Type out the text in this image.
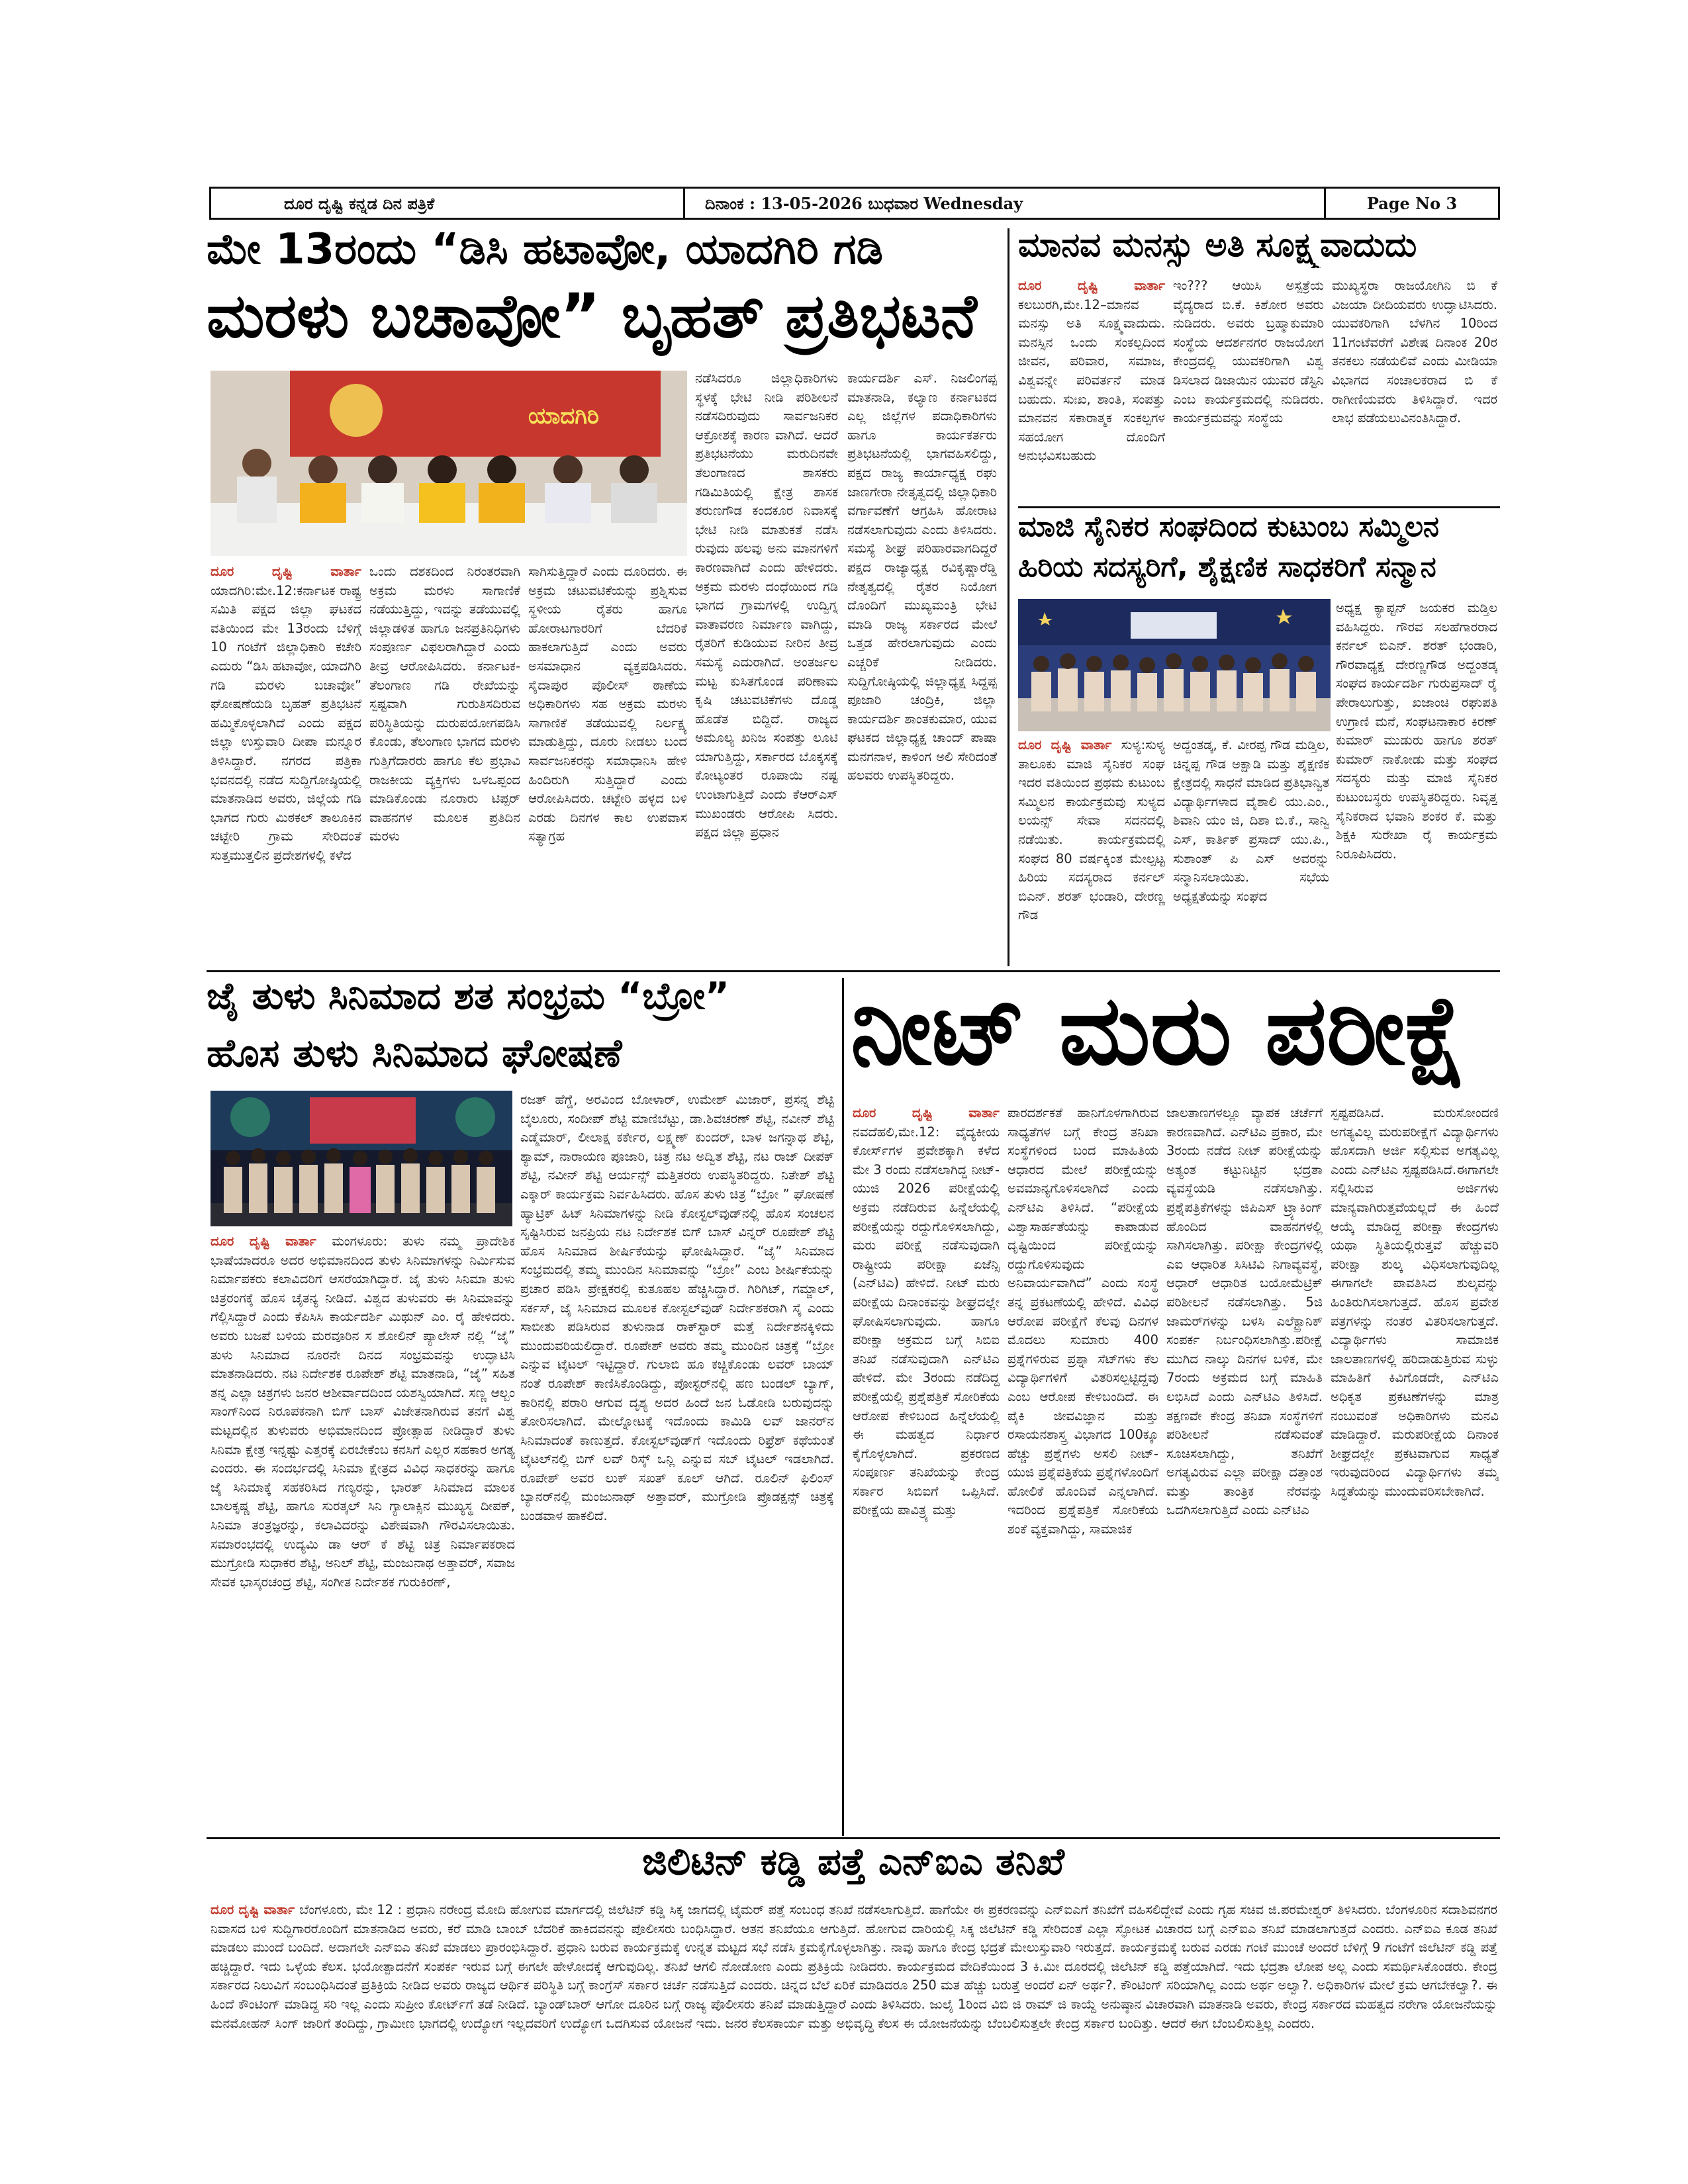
ದೂರ ದೃಷ್ಟಿ ಕನ್ನಡ ದಿನ ಪತ್ರಿಕೆ	ದಿನಾಂಕ : 13-05-2026 ಬುಧವಾರ Wednesday	Page No 3
ಮೇ 13ರಂದು “ಡಿಸಿ ಹಟಾವೋ, ಯಾದಗಿರಿ ಗಡಿ
ಮರಳು ಬಚಾವೋ” ಬೃಹತ್ ಪ್ರತಿಭಟನೆ
ಯಾದಗಿರಿ
ನಡೆಸಿದರೂ ಜಿಲ್ಲಾಧಿಕಾರಿಗಳು ಸ್ಥಳಕ್ಕೆ ಭೇಟಿ ನೀಡಿ ಪರಿಶೀಲನೆ ನಡೆಸದಿರುವುದು ಸಾರ್ವಜನಿಕರ ಆಕ್ರೋಶಕ್ಕೆ ಕಾರಣ ವಾಗಿದೆ. ಆದರೆ ಪ್ರತಿಭಟನೆಯು ಮರುದಿನವೇ ತೆಲಂಗಾಣದ ಶಾಸಕರು ಗಡಿಮಿತಿಯಲ್ಲಿ ಕ್ಷೇತ್ರ ಶಾಸಕ ತರುಣಗೌಡ ಕಂದಕೂರ ನಿವಾಸಕ್ಕೆ ಭೇಟಿ ನೀಡಿ ಮಾತುಕತೆ ನಡೆಸಿ ರುವುದು ಹಲವು ಅನು ಮಾನಗಳಿಗೆ ಕಾರಣವಾಗಿದೆ ಎಂದು ಹೇಳಿದರು. ಅಕ್ರಮ ಮರಳು ದಂಧೆಯಿಂದ ಗಡಿ ಭಾಗದ ಗ್ರಾಮಗಳಲ್ಲಿ ಉದ್ವಿಗ್ನ ವಾತಾವರಣ ನಿರ್ಮಾಣ ವಾಗಿದ್ದು, ರೈತರಿಗೆ ಕುಡಿಯುವ ನೀರಿನ ತೀವ್ರ ಸಮಸ್ಯೆ ಎದುರಾಗಿದೆ. ಅಂತರ್ಜಲ ಮಟ್ಟ ಕುಸಿತಗೊಂಡ ಪರಿಣಾಮ ಕೃಷಿ ಚಟುವಟಿಕೆಗಳು ದೊಡ್ಡ ಹೊಡೆತ ಬಿದ್ದಿದೆ. ರಾಜ್ಯದ ಅಮೂಲ್ಯ ಖನಿಜ ಸಂಪತ್ತು ಲೂಟಿ ಯಾಗುತ್ತಿದ್ದು, ಸರ್ಕಾರದ ಬೊಕ್ಕಸಕ್ಕೆ ಕೋಟ್ಯಂತರ ರೂಪಾಯಿ ನಷ್ಟ ಉಂಟಾಗುತ್ತಿದೆ ಎಂದು ಕೆಆರ್‌ಎಸ್ ಮುಖಂಡರು ಆರೋಪಿ ಸಿದರು. ಪಕ್ಷದ ಜಿಲ್ಲಾ ಪ್ರಧಾನ
ಕಾರ್ಯದರ್ಶಿ ಎಸ್. ನಿಜಲಿಂಗಪ್ಪ ಮಾತನಾಡಿ, ಕಲ್ಯಾಣ ಕರ್ನಾಟಕದ ಎಲ್ಲ ಜಿಲ್ಲೆಗಳ ಪದಾಧಿಕಾರಿಗಳು ಹಾಗೂ ಕಾರ್ಯಕರ್ತರು ಪ್ರತಿಭಟನೆಯಲ್ಲಿ ಭಾಗವಹಿಸಲಿದ್ದು, ಪಕ್ಷದ ರಾಜ್ಯ ಕಾರ್ಯಾಧ್ಯಕ್ಷ ರಘು ಜಾಣಗೇರಾ ನೇತೃತ್ವದಲ್ಲಿ ಜಿಲ್ಲಾಧಿಕಾರಿ ವರ್ಗಾವಣೆಗೆ ಆಗ್ರಹಿಸಿ ಹೋರಾಟ ನಡೆಸಲಾಗುವುದು ಎಂದು ತಿಳಿಸಿದರು. ಸಮಸ್ಯೆ ಶೀಘ್ರ ಪರಿಹಾರವಾಗದಿದ್ದರೆ ಪಕ್ಷದ ರಾಜ್ಯಾಧ್ಯಕ್ಷ ರವಿಕೃಷ್ಣಾರೆಡ್ಡಿ ನೇತೃತ್ವದಲ್ಲಿ ರೈತರ ನಿಯೋಗ ದೊಂದಿಗೆ ಮುಖ್ಯಮಂತ್ರಿ ಭೇಟಿ ಮಾಡಿ ರಾಜ್ಯ ಸರ್ಕಾರದ ಮೇಲೆ ಒತ್ತಡ ಹೇರಲಾಗುವುದು ಎಂದು ಎಚ್ಚರಿಕೆ ನೀಡಿದರು. ಸುದ್ದಿಗೋಷ್ಠಿಯಲ್ಲಿ ಜಿಲ್ಲಾಧ್ಯಕ್ಷ ಸಿದ್ದಪ್ಪ ಪೂಜಾರಿ ಚಂದ್ರಿಕಿ, ಜಿಲ್ಲಾ ಕಾರ್ಯದರ್ಶಿ ಶಾಂತಕುಮಾರ, ಯುವ ಘಟಕದ ಜಿಲ್ಲಾಧ್ಯಕ್ಷ ಚಾಂದ್ ಪಾಷಾ ಮನಗನಾಳ, ಕಾಳಿಂಗ ಅಲಿ ಸೇರಿದಂತೆ ಹಲವರು ಉಪಸ್ಥಿತರಿದ್ದರು.
ದೂರ ದೃಷ್ಟಿ ವಾರ್ತಾ ಯಾದಗಿರಿ:ಮೇ.12:ಕರ್ನಾಟಕ ರಾಷ್ಟ್ರ ಸಮಿತಿ ಪಕ್ಷದ ಜಿಲ್ಲಾ ಘಟಕದ ವತಿಯಿಂದ ಮೇ 13ರಂದು ಬೆಳಿಗ್ಗೆ 10 ಗಂಟೆಗೆ ಜಿಲ್ಲಾಧಿಕಾರಿ ಕಚೇರಿ ಎದುರು “ಡಿಸಿ ಹಟಾವೋ, ಯಾದಗಿರಿ ಗಡಿ ಮರಳು ಬಚಾವೋ” ಘೋಷಣೆಯಡಿ ಬೃಹತ್ ಪ್ರತಿಭಟನೆ ಹಮ್ಮಿಕೊಳ್ಳಲಾಗಿದೆ ಎಂದು ಪಕ್ಷದ ಜಿಲ್ಲಾ ಉಸ್ತುವಾರಿ ದೀಪಾ ಮನ್ನೂರ ತಿಳಿಸಿದ್ದಾರೆ. ನಗರದ ಪತ್ರಿಕಾ ಭವನದಲ್ಲಿ ನಡೆದ ಸುದ್ದಿಗೋಷ್ಠಿಯಲ್ಲಿ ಮಾತನಾಡಿದ ಅವರು, ಜಿಲ್ಲೆಯ ಗಡಿ ಭಾಗದ ಗುರು ಮಿಠಕಲ್ ತಾಲೂಕಿನ ಚಟ್ಟೇರಿ ಗ್ರಾಮ ಸೇರಿದಂತೆ ಸುತ್ತಮುತ್ತಲಿನ ಪ್ರದೇಶಗಳಲ್ಲಿ ಕಳೆದ
ಒಂದು ದಶಕದಿಂದ ನಿರಂತರವಾಗಿ ಅಕ್ರಮ ಮರಳು ಸಾಗಾಣಿಕೆ ನಡೆಯುತ್ತಿದ್ದು, ಇದನ್ನು ತಡೆಯುವಲ್ಲಿ ಜಿಲ್ಲಾಡಳಿತ ಹಾಗೂ ಜನಪ್ರತಿನಿಧಿಗಳು ಸಂಪೂರ್ಣ ವಿಫಲರಾಗಿದ್ದಾರೆ ಎಂದು ತೀವ್ರ ಆರೋಪಿಸಿದರು. ಕರ್ನಾಟಕ-ತೆಲಂಗಾಣ ಗಡಿ ರೇಖೆಯನ್ನು ಸ್ಪಷ್ಟವಾಗಿ ಗುರುತಿಸದಿರುವ ಪರಿಸ್ಥಿತಿಯನ್ನು ದುರುಪಯೋಗಪಡಿಸಿ ಕೊಂಡು, ತೆಲಂಗಾಣ ಭಾಗದ ಮರಳು ಗುತ್ತಿಗೆದಾರರು ಹಾಗೂ ಕೆಲ ಪ್ರಭಾವಿ ರಾಜಕೀಯ ವ್ಯಕ್ತಿಗಳು ಒಳಒಪ್ಪಂದ ಮಾಡಿಕೊಂಡು ನೂರಾರು ಟಿಪ್ಪರ್ ವಾಹನಗಳ ಮೂಲಕ ಪ್ರತಿದಿನ ಮರಳು
ಸಾಗಿಸುತ್ತಿದ್ದಾರೆ ಎಂದು ದೂರಿದರು. ಈ ಅಕ್ರಮ ಚಟುವಟಿಕೆಯನ್ನು ಪ್ರಶ್ನಿಸುವ ಸ್ಥಳೀಯ ರೈತರು ಹಾಗೂ ಹೋರಾಟಗಾರರಿಗೆ ಬೆದರಿಕೆ ಹಾಕಲಾಗುತ್ತಿದೆ ಎಂದು ಅವರು ಅಸಮಾಧಾನ ವ್ಯಕ್ತಪಡಿಸಿದರು. ಸೈದಾಪುರ ಪೊಲೀಸ್ ಠಾಣೆಯ ಅಧಿಕಾರಿಗಳು ಸಹ ಅಕ್ರಮ ಮರಳು ಸಾಗಾಣಿಕೆ ತಡೆಯುವಲ್ಲಿ ನಿರ್ಲಕ್ಷ್ಯ ಮಾಡುತ್ತಿದ್ದು, ದೂರು ನೀಡಲು ಬಂದ ಸಾರ್ವಜನಿಕರನ್ನು ಸಮಾಧಾನಿಸಿ ಹೇಳಿ ಹಿಂದಿರುಗಿ ಸುತ್ತಿದ್ದಾರೆ ಎಂದು ಆರೋಪಿಸಿದರು. ಚಟ್ಟೇರಿ ಹಳ್ಳದ ಬಳಿ ಎರಡು ದಿನಗಳ ಕಾಲ ಉಪವಾಸ ಸತ್ಯಾಗ್ರಹ
ಮಾನವ ಮನಸ್ಸು ಅತಿ ಸೂಕ್ಷ್ಮವಾದುದು
ದೂರ ದೃಷ್ಟಿ ವಾರ್ತಾ ಕಲಬುರಗಿ,ಮೇ.12–ಮಾನವ ಮನಸ್ಸು ಅತಿ ಸೂಕ್ಷ್ಮವಾದುದು. ಮನಸ್ಸಿನ ಒಂದು ಸಂಕಲ್ಪದಿಂದ ಜೀವನ, ಪರಿವಾರ, ಸಮಾಜ, ವಿಶ್ವವನ್ನೇ ಪರಿವರ್ತನೆ ಮಾಡ ಬಹುದು. ಸುಃಖ, ಶಾಂತಿ, ಸಂಪತ್ತು ಮಾನವನ ಸಕಾರಾತ್ಮಕ ಸಂಕಲ್ಪಗಳ ಸಹಯೋಗ ದೊಂದಿಗೆ ಅನುಭವಿಸಬಹುದು
ಇಂ??? ಆಯಿಸಿ ಅಸ್ಪತ್ರೆಯ ವೈದ್ಯರಾದ ಬಿ.ಕೆ. ಕಿಶೋರ ಅವರು ನುಡಿದರು. ಅವರು ಬ್ರಹ್ಮಾಕುಮಾರಿ ಸಂಸ್ಥೆಯ ಆದರ್ಶನಗರ ರಾಜಯೋಗ ಕೇಂದ್ರದಲ್ಲಿ ಯುವಕರಿಗಾಗಿ ವಿಶ್ವ ಡಿಸಲಾದ ಡಿಜಾಯಿನ ಯುವರ ಡೆಸ್ಟಿನಿ ಎಂಬ ಕಾರ್ಯಕ್ರಮದಲ್ಲಿ ನುಡಿದರು. ಕಾರ್ಯಕ್ರಮವನ್ನು ಸಂಸ್ಥೆಯ
ಮುಖ್ಯಸ್ಥರಾ ರಾಜಯೋಗಿನಿ ಬಿ ಕೆ ವಿಜಯಾ ದೀದಿಯವರು ಉದ್ಘಾಟಿಸಿದರು. ಯುವಕರಿಗಾಗಿ ಬೆಳಗಿನ 10ರಿಂದ 11ಗಂಟೆವರೆಗೆ ವಿಶೇಷ ದಿನಾಂಕ 20ರ ತನಕಲು ನಡೆಯಲಿವೆ ಎಂದು ಮೀಡಿಯಾ ವಿಭಾಗದ ಸಂಚಾಲಕರಾದ ಬಿ ಕೆ ರಾಗೀಣಿಯವರು ತಿಳಿಸಿದ್ದಾರೆ. ಇದರ ಲಾಭ ಪಡೆಯಲುವಿನಂತಿಸಿದ್ದಾರೆ.
ಮಾಜಿ ಸೈನಿಕರ ಸಂಘದಿಂದ ಕುಟುಂಬ ಸಮ್ಮಿಲನ
ಹಿರಿಯ ಸದಸ್ಯರಿಗೆ, ಶೈಕ್ಷಣಿಕ ಸಾಧಕರಿಗೆ ಸನ್ಮಾನ
ಅಧ್ಯಕ್ಷ ಕ್ಯಾಪ್ಟನ್ ಜಯಕರ ಮಡ್ತಿಲ ವಹಿಸಿದ್ದರು. ಗೌರವ ಸಲಹೆಗಾರರಾದ ಕರ್ನಲ್ ಬಿಎನ್. ಶರತ್ ಭಂಡಾರಿ, ಗೌರವಾಧ್ಯಕ್ಷ ದೇರಣ್ಣಗೌಡ ಅದ್ದಂತಡ್ಕ ಸಂಘದ ಕಾರ್ಯದರ್ಶಿ ಗುರುಪ್ರಸಾದ್ ರೈ ಪೇರಾಲುಗುತ್ತು, ಖಜಾಂಚಿ ರಘುಪತಿ ಉಗ್ರಾಣಿ ಮನೆ, ಸಂಘಟನಾಕಾರ ಕಿರಣ್ ಕುಮಾರ್ ಮುಡುರು ಹಾಗೂ ಶರತ್ ಕುಮಾರ್ ನಾಕೋಡು ಮತ್ತು ಸಂಘದ ಸದಸ್ಯರು ಮತ್ತು ಮಾಜಿ ಸೈನಿಕರ ಕುಟುಂಬಸ್ಥರು ಉಪಸ್ಥಿತರಿದ್ದರು. ನಿವೃತ್ತ ಸೈನಿಕರಾದ ಭವಾನಿ ಶಂಕರ ಕೆ. ಮತ್ತು ಶಿಕ್ಷಕಿ ಸುರೇಖಾ ರೈ ಕಾರ್ಯಕ್ರಮ ನಿರೂಪಿಸಿದರು.
ದೂರ ದೃಷ್ಟಿ ವಾರ್ತಾ ಸುಳ್ಯ:ಸುಳ್ಯ ತಾಲೂಕು ಮಾಜಿ ಸೈನಿಕರ ಸಂಘ ಇದರ ವತಿಯಿಂದ ಪ್ರಥಮ ಕುಟುಂಬ ಸಮ್ಮಿಲನ ಕಾರ್ಯಕ್ರಮವು ಸುಳ್ಯದ ಲಯನ್ಸ್ ಸೇವಾ ಸದನದಲ್ಲಿ ನಡೆಯಿತು. ಕಾರ್ಯಕ್ರಮದಲ್ಲಿ ಸಂಘದ 80 ವರ್ಷಕ್ಕಿಂತ ಮೇಲ್ಪಟ್ಟ ಹಿರಿಯ ಸದಸ್ಯರಾದ ಕರ್ನಲ್ ಬಿಎನ್. ಶರತ್ ಭಂಡಾರಿ, ದೇರಣ್ಣ ಗೌಡ
ಅದ್ದಂತಡ್ಕ, ಕೆ. ವೀರಪ್ಪ ಗೌಡ ಮಡ್ತಿಲ, ಚಿನ್ನಪ್ಪ ಗೌಡ ಅಕ್ಷಾಡಿ ಮತ್ತು ಶೈಕ್ಷಣಿಕ ಕ್ಷೇತ್ರದಲ್ಲಿ ಸಾಧನೆ ಮಾಡಿದ ಪ್ರತಿಭಾನ್ವಿತ ವಿದ್ಯಾರ್ಥಿಗಳಾದ ವೈಶಾಲಿ ಯು.ಎಂ., ಶಿವಾನಿ ಯಂ ಜಿ, ದಿಶಾ ಬಿ.ಕೆ., ಸಾನ್ವಿ ಎಸ್, ಕಾರ್ತಿಕ್ ಪ್ರಸಾದ್ ಯು.ಪಿ., ಸುಶಾಂತ್ ಪಿ ಎಸ್ ಅವರನ್ನು ಸನ್ಮಾನಿಸಲಾಯಿತು. ಸಭೆಯ ಅಧ್ಯಕ್ಷತೆಯನ್ನು ಸಂಘದ
ಜೈ ತುಳು ಸಿನಿಮಾದ ಶತ ಸಂಭ್ರಮ “ಬ್ರೋ”
ಹೊಸ ತುಳು ಸಿನಿಮಾದ ಘೋಷಣೆ
ದೂರ ದೃಷ್ಟಿ ವಾರ್ತಾ ಮಂಗಳೂರು: ತುಳು ನಮ್ಮ ಪ್ರಾದೇಶಿಕ ಭಾಷೆಯಾದರೂ ಅದರ ಅಭಿಮಾನದಿಂದ ತುಳು ಸಿನಿಮಾಗಳನ್ನು ನಿರ್ಮಿಸುವ ನಿರ್ಮಾಪಕರು ಕಲಾವಿದರಿಗೆ ಆಸರೆಯಾಗಿದ್ದಾರೆ. ಜೈ ತುಳು ಸಿನಿಮಾ ತುಳು ಚಿತ್ರರಂಗಕ್ಕೆ ಹೊಸ ಚೈತನ್ಯ ನೀಡಿದೆ. ವಿಶ್ವದ ತುಳುವರು ಈ ಸಿನಿಮಾವನ್ನು ಗೆಲ್ಲಿಸಿದ್ದಾರೆ ಎಂದು ಕೆಪಿಸಿಸಿ ಕಾರ್ಯದರ್ಶಿ ಮಿಥುನ್ ಎಂ. ರೈ ಹೇಳಿದರು. ಅವರು ಬಜಪೆ ಬಳಿಯ ಮರವೂರಿನ ಸ ಶೋಲಿನ್ ಪ್ಯಾಲೇಸ್ ನಲ್ಲಿ “ಜೈ” ತುಳು ಸಿನಿಮಾದ ನೂರನೇ ದಿನದ ಸಂಭ್ರಮವನ್ನು ಉದ್ಘಾಟಿಸಿ ಮಾತನಾಡಿದರು. ನಟ ನಿರ್ದೇಶಕ ರೂಪೇಶ್ ಶೆಟ್ಟಿ ಮಾತನಾಡಿ, “ಜೈ” ಸಹಿತ ತನ್ನ ಎಲ್ಲಾ ಚಿತ್ರಗಳು ಜನರ ಆಶೀರ್ವಾದದಿಂದ ಯಶಸ್ವಿಯಾಗಿದೆ. ಸಣ್ಣ ಆಲ್ಬಂ ಸಾಂಗ್‌ನಿಂದ ನಿರೂಪಕನಾಗಿ ಬಿಗ್ ಬಾಸ್ ವಿಜೇತನಾಗಿರುವ ತನಗೆ ವಿಶ್ವ ಮಟ್ಟದಲ್ಲಿನ ತುಳುವರು ಅಭಿಮಾನದಿಂದ ಪ್ರೋತ್ಸಾಹ ನೀಡಿದ್ದಾರೆ ತುಳು ಸಿನಿಮಾ ಕ್ಷೇತ್ರ ಇನ್ನಷ್ಟು ಎತ್ತರಕ್ಕೆ ಏರಬೇಕೆಂಬ ಕನಸಿಗೆ ಎಲ್ಲರ ಸಹಕಾರ ಅಗತ್ಯ ಎಂದರು. ಈ ಸಂದರ್ಭದಲ್ಲಿ ಸಿನಿಮಾ ಕ್ಷೇತ್ರದ ವಿವಿಧ ಸಾಧಕರನ್ನು ಹಾಗೂ ಜೈ ಸಿನಿಮಾಕ್ಕೆ ಸಹಕರಿಸಿದ ಗಣ್ಯರನ್ನು, ಭಾರತ್ ಸಿನಿಮಾದ ಮಾಲಕ ಬಾಲಕೃಷ್ಣ ಶೆಟ್ಟಿ, ಹಾಗೂ ಸುರತ್ಕಲ್ ಸಿನಿ ಗ್ಯಾಲಾಕ್ಸಿನ ಮುಖ್ಯಸ್ಥ ದೀಪಕ್, ಸಿನಿಮಾ ತಂತ್ರಜ್ಞರನ್ನು, ಕಲಾವಿದರನ್ನು ವಿಶೇಷವಾಗಿ ಗೌರವಿಸಲಾಯಿತು. ಸಮಾರಂಭದಲ್ಲಿ ಉದ್ಯಮಿ ಡಾ ಆರ್ ಕೆ ಶೆಟ್ಟಿ ಚಿತ್ರ ನಿರ್ಮಾಪಕರಾದ ಮುಗ್ರೋಡಿ ಸುಧಾಕರ ಶೆಟ್ಟಿ, ಅನಿಲ್ ಶೆಟ್ಟಿ, ಮಂಜುನಾಥ ಅತ್ತಾವರ್, ಸವಾಜ ಸೇವಕ ಭಾಸ್ಕರಚಂದ್ರ ಶೆಟ್ಟಿ, ಸಂಗೀತ ನಿರ್ದೇಶಕ ಗುರುಕಿರಣ್,
ರಜತ್ ಹೆಗ್ಡೆ, ಅರವಿಂದ ಬೋಳಾರ್, ಉಮೇಶ್ ಮಿಜಾರ್, ಪ್ರಸನ್ನ ಶೆಟ್ಟಿ ಬೈಲೂರು, ಸಂದೀಪ್ ಶೆಟ್ಟಿ ಮಾಣಿಬೆಟ್ಟು, ಡಾ.ಶಿವಚರಣ್ ಶೆಟ್ಟಿ, ನವೀನ್ ಶೆಟ್ಟಿ ಎಡ್ಮೆಮಾರ್, ಲೀಲಾಕ್ಷ ಕರ್ಕೇರ, ಲಕ್ಷ್ಮಣ್ ಕುಂದರ್, ಬಾಳ ಜಗನ್ನಾಥ ಶೆಟ್ಟಿ, ಶ್ಯಾಮ್, ನಾರಾಯಣ ಪೂಜಾರಿ, ಚಿತ್ರ ನಟ ಅದ್ವಿತ ಶೆಟ್ಟಿ, ನಟ ರಾಜ್ ದೀಪಕ್ ಶೆಟ್ಟಿ, ನವೀನ್ ಶೆಟ್ಟಿ ಆರ್ಯನ್ಸ್ ಮತ್ತಿತರರು ಉಪಸ್ಥಿತರಿದ್ದರು. ನಿತೇಶ್ ಶೆಟ್ಟಿ ಎಕ್ಕಾರ್ ಕಾರ್ಯಕ್ರಮ ನಿರ್ವಹಿಸಿದರು. ಹೊಸ ತುಳು ಚಿತ್ರ “ಬ್ರೋ ” ಘೋಷಣೆ ಹ್ಯಾಟ್ರಿಕ್ ಹಿಟ್ ಸಿನಿಮಾಗಳನ್ನು ನೀಡಿ ಕೋಸ್ಟಲ್‌ವುಡ್‌ನಲ್ಲಿ ಹೊಸ ಸಂಚಲನ ಸೃಷ್ಟಿಸಿರುವ ಜನಪ್ರಿಯ ನಟ ನಿರ್ದೇಶಕ ಬಿಗ್ ಬಾಸ್ ವಿನ್ನರ್ ರೂಪೇಶ್ ಶೆಟ್ಟಿ ಹೊಸ ಸಿನಿಮಾದ ಶೀರ್ಷಿಕೆಯನ್ನು ಘೋಷಿಸಿದ್ದಾರೆ. “ಜೈ” ಸಿನಿಮಾದ ಸಂಭ್ರಮದಲ್ಲಿ ತಮ್ಮ ಮುಂದಿನ ಸಿನಿಮಾವನ್ನು “ಬ್ರೋ” ಎಂಬ ಶೀರ್ಷಿಕೆಯನ್ನು ಪ್ರಚಾರ ಪಡಿಸಿ ಪ್ರೇಕ್ಷಕರಲ್ಲಿ ಕುತೂಹಲ ಹೆಚ್ಚಿಸಿದ್ದಾರೆ. ಗಿರಿಗಿಟ್, ಗಮ್ಜಾಲ್, ಸರ್ಕಸ್, ಜೈ ಸಿನಿಮಾದ ಮೂಲಕ ಕೋಸ್ಟಲ್‌ವುಡ್ ನಿರ್ದೇಶಕರಾಗಿ ಸೈ ಎಂದು ಸಾಬೀತು ಪಡಿಸಿರುವ ತುಳುನಾಡ ರಾಕ್‌ಸ್ಟಾರ್ ಮತ್ತೆ ನಿರ್ದೇಶನಕ್ಕಿಳಿದು ಮುಂದುವರಿಯಲಿದ್ದಾರೆ. ರೂಪೇಶ್ ಅವರು ತಮ್ಮ ಮುಂದಿನ ಚಿತ್ರಕ್ಕೆ “ಬ್ರೋ ಎನ್ನುವ ಟೈಟಲ್ ಇಟ್ಟಿದ್ದಾರೆ. ಗುಲಾಬಿ ಹೂ ಕಚ್ಚಿಕೊಂಡು ಲವರ್ ಬಾಯ್ ನಂತೆ ರೂಪೇಶ್ ಕಾಣಿಸಿಕೊಂಡಿದ್ದು, ಪೋಸ್ಟರ್‌ನಲ್ಲಿ ಹಣ ಬಂಡಲ್ ಬ್ಯಾಗ್, ಕಾರಿನಲ್ಲಿ ಪರಾರಿ ಆಗುವ ದೃಶ್ಯ ಅದರ ಹಿಂದೆ ಜನ ಓಡೋಡಿ ಬರುವುದನ್ನು ತೋರಿಸಲಾಗಿದೆ. ಮೇಲ್ನೋಟಕ್ಕೆ ಇದೊಂದು ಕಾಮಿಡಿ ಲವ್ ಜಾನರ್‌ನ ಸಿನಿಮಾದಂತೆ ಕಾಣುತ್ತದೆ. ಕೋಸ್ಟಲ್‌ವುಡ್‌ಗೆ ಇದೊಂದು ರಿಫ್ರೆಶ್ ಕಥೆಯಂತೆ ಟೈಟಲ್‌ನಲ್ಲಿ ಬಿಗ್ ಲವ್ ರಿಸ್ಕ್ ಒನ್ಲಿ ಎನ್ನುವ ಸಬ್ ಟೈಟಲ್ ಇಡಲಾಗಿದೆ. ರೂಪೇಶ್ ಅವರ ಲುಕ್ ಸಖತ್ ಕೂಲ್ ಆಗಿದೆ. ರೂಲಿನ್ ಫಿಲಿಂಸ್ ಬ್ಯಾನರ್‌ನಲ್ಲಿ ಮಂಜುನಾಥ್ ಅತ್ತಾವರ್, ಮುಗ್ರೋಡಿ ಪ್ರೊಡಕ್ಷನ್ಸ್ ಚಿತ್ರಕ್ಕೆ ಬಂಡವಾಳ ಹಾಕಲಿದೆ.
ನೀಟ್ ಮರು ಪರೀಕ್ಷೆ
ದೂರ ದೃಷ್ಟಿ ವಾರ್ತಾ ನವದೆಹಲಿ,ಮೇ.12: ವೈದ್ಯಕೀಯ ಕೋರ್ಸ್‌ಗಳ ಪ್ರವೇಶಕ್ಕಾಗಿ ಕಳೆದ ಮೇ 3 ರಂದು ನಡೆಸಲಾಗಿದ್ದ ನೀಟ್-ಯುಜಿ 2026 ಪರೀಕ್ಷೆಯಲ್ಲಿ ಅಕ್ರಮ ನಡೆದಿರುವ ಹಿನ್ನೆಲೆಯಲ್ಲಿ ಪರೀಕ್ಷೆಯನ್ನು ರದ್ದುಗೊಳಿಸಲಾಗಿದ್ದು, ಮರು ಪರೀಕ್ಷೆ ನಡೆಸುವುದಾಗಿ ರಾಷ್ಟ್ರೀಯ ಪರೀಕ್ಷಾ ಏಜೆನ್ಸಿ (ಎನ್‌ಟಿಎ) ಹೇಳಿದೆ. ನೀಟ್ ಮರು ಪರೀಕ್ಷೆಯ ದಿನಾಂಕವನ್ನು ಶೀಘ್ರದಲ್ಲೇ ಘೋಷಿಸಲಾಗುವುದು. ಹಾಗೂ ಪರೀಕ್ಷಾ ಅಕ್ರಮದ ಬಗ್ಗೆ ಸಿಬಿಐ ತನಿಖೆ ನಡೆಸುವುದಾಗಿ ಎನ್‌ಟಿಎ ಹೇಳಿದೆ. ಮೇ 3ರಂದು ನಡೆದಿದ್ದ ಪರೀಕ್ಷೆಯಲ್ಲಿ ಪ್ರಶ್ನೆಪತ್ರಿಕೆ ಸೋರಿಕೆಯ ಆರೋಪ ಕೇಳಿಬಂದ ಹಿನ್ನೆಲೆಯಲ್ಲಿ ಈ ಮಹತ್ವದ ನಿರ್ಧಾರ ಕೈಗೊಳ್ಳಲಾಗಿದೆ. ಪ್ರಕರಣದ ಸಂಪೂರ್ಣ ತನಿಖೆಯನ್ನು ಕೇಂದ್ರ ಸರ್ಕಾರ ಸಿಬಿಐಗೆ ಒಪ್ಪಿಸಿದೆ. ಪರೀಕ್ಷೆಯ ಪಾವಿತ್ರ್ಯ ಮತ್ತು
ಪಾರದರ್ಶಕತೆ ಹಾನಿಗೊಳಗಾಗಿರುವ ಸಾಧ್ಯತೆಗಳ ಬಗ್ಗೆ ಕೇಂದ್ರ ತನಿಖಾ ಸಂಸ್ಥೆಗಳಿಂದ ಬಂದ ಮಾಹಿತಿಯ ಆಧಾರದ ಮೇಲೆ ಪರೀಕ್ಷೆಯನ್ನು ಅವಮಾನ್ಯಗೊಳಿಸಲಾಗಿದೆ ಎಂದು ಎನ್‌ಟಿಎ ತಿಳಿಸಿದೆ. “ಪರೀಕ್ಷೆಯ ವಿಶ್ವಾಸಾರ್ಹತೆಯನ್ನು ಕಾಪಾಡುವ ದೃಷ್ಟಿಯಿಂದ ಪರೀಕ್ಷೆಯನ್ನು ರದ್ದುಗೊಳಿಸುವುದು ಅನಿವಾರ್ಯವಾಗಿದೆ” ಎಂದು ಸಂಸ್ಥೆ ತನ್ನ ಪ್ರಕಟಣೆಯಲ್ಲಿ ಹೇಳಿದೆ. ವಿವಿಧ ಆರೋಪ ಪರೀಕ್ಷೆಗೆ ಕೆಲವು ದಿನಗಳ ಮೊದಲು ಸುಮಾರು 400 ಪ್ರಶ್ನೆಗಳಿರುವ ಪ್ರಶ್ನಾ ಸೆಟ್‌ಗಳು ಕೆಲ ವಿದ್ಯಾರ್ಥಿಗಳಿಗೆ ವಿತರಿಸಲ್ಪಟ್ಟಿದ್ದವು ಎಂಬ ಆರೋಪ ಕೇಳಿಬಂದಿದೆ. ಈ ಪೈಕಿ ಜೀವವಿಜ್ಞಾನ ಮತ್ತು ರಸಾಯನಶಾಸ್ತ್ರ ವಿಭಾಗದ 100ಕ್ಕೂ ಹೆಚ್ಚು ಪ್ರಶ್ನೆಗಳು ಅಸಲಿ ನೀಟ್- ಯುಜಿ ಪ್ರಶ್ನೆಪತ್ರಿಕೆಯ ಪ್ರಶ್ನೆಗಳೊಂದಿಗೆ ಹೋಲಿಕೆ ಹೊಂದಿವೆ ಎನ್ನಲಾಗಿದೆ. ಇದರಿಂದ ಪ್ರಶ್ನೆಪತ್ರಿಕೆ ಸೋರಿಕೆಯ ಶಂಕೆ ವ್ಯಕ್ತವಾಗಿದ್ದು, ಸಾಮಾಜಿಕ
ಜಾಲತಾಣಗಳಲ್ಲೂ ವ್ಯಾಪಕ ಚರ್ಚೆಗೆ ಕಾರಣವಾಗಿದೆ. ಎನ್‌ಟಿಎ ಪ್ರಕಾರ, ಮೇ 3ರಂದು ನಡೆದ ನೀಟ್ ಪರೀಕ್ಷೆಯನ್ನು ಅತ್ಯಂತ ಕಟ್ಟುನಿಟ್ಟಿನ ಭದ್ರತಾ ವ್ಯವಸ್ಥೆಯಡಿ ನಡೆಸಲಾಗಿತ್ತು. ಪ್ರಶ್ನೆಪತ್ರಿಕೆಗಳನ್ನು ಜಿಪಿಎಸ್ ಟ್ರ್ಯಾಕಿಂಗ್ ಹೊಂದಿದ ವಾಹನಗಳಲ್ಲಿ ಸಾಗಿಸಲಾಗಿತ್ತು. ಪರೀಕ್ಷಾ ಕೇಂದ್ರಗಳಲ್ಲಿ ಎಐ ಆಧಾರಿತ ಸಿಸಿಟಿವಿ ನಿಗಾವ್ಯವಸ್ಥೆ, ಆಧಾರ್ ಆಧಾರಿತ ಬಯೋಮೆಟ್ರಿಕ್ ಪರಿಶೀಲನೆ ನಡೆಸಲಾಗಿತ್ತು. 5ಜಿ ಜಾಮರ್‌ಗಳನ್ನು ಬಳಸಿ ಎಲೆಕ್ಟ್ರಾನಿಕ್ ಸಂಪರ್ಕ ನಿರ್ಬಂಧಿಸಲಾಗಿತ್ತು.ಪರೀಕ್ಷೆ ಮುಗಿದ ನಾಲ್ಕು ದಿನಗಳ ಬಳಿಕ, ಮೇ 7ರಂದು ಅಕ್ರಮದ ಬಗ್ಗೆ ಮಾಹಿತಿ ಲಭಿಸಿದೆ ಎಂದು ಎನ್‌ಟಿಎ ತಿಳಿಸಿದೆ. ತಕ್ಷಣವೇ ಕೇಂದ್ರ ತನಿಖಾ ಸಂಸ್ಥೆಗಳಿಗೆ ಪರಿಶೀಲನೆ ನಡೆಸುವಂತೆ ಸೂಚಿಸಲಾಗಿದ್ದು, ತನಿಖೆಗೆ ಅಗತ್ಯವಿರುವ ಎಲ್ಲಾ ಪರೀಕ್ಷಾ ದತ್ತಾಂಶ ಮತ್ತು ತಾಂತ್ರಿಕ ನೆರವನ್ನು ಒದಗಿಸಲಾಗುತ್ತಿದೆ ಎಂದು ಎನ್‌ಟಿಎ
ಸ್ಪಷ್ಟಪಡಿಸಿದೆ. ಮರುಸೋಂದಣಿ ಅಗತ್ಯವಿಲ್ಲ ಮರುಪರೀಕ್ಷೆಗೆ ವಿದ್ಯಾರ್ಥಿಗಳು ಹೊಸದಾಗಿ ಅರ್ಜಿ ಸಲ್ಲಿಸುವ ಅಗತ್ಯವಿಲ್ಲ ಎಂದು ಎನ್‌ಟಿಎ ಸ್ಪಷ್ಟಪಡಿಸಿದೆ.ಈಗಾಗಲೇ ಸಲ್ಲಿಸಿರುವ ಅರ್ಜಿಗಳು ಮಾನ್ಯವಾಗಿರುತ್ತವೆಯಲ್ಲದೆ ಈ ಹಿಂದೆ ಆಯ್ಕೆ ಮಾಡಿದ್ದ ಪರೀಕ್ಷಾ ಕೇಂದ್ರಗಳು ಯಥಾ ಸ್ಥಿತಿಯಲ್ಲಿರುತ್ತವೆ ಹೆಚ್ಚುವರಿ ಪರೀಕ್ಷಾ ಶುಲ್ಕ ವಿಧಿಸಲಾಗುವುದಿಲ್ಲ ಈಗಾಗಲೇ ಪಾವತಿಸಿದ ಶುಲ್ಕವನ್ನು ಹಿಂತಿರುಗಿಸಲಾಗುತ್ತದೆ. ಹೊಸ ಪ್ರವೇಶ ಪತ್ರಗಳನ್ನು ನಂತರ ವಿತರಿಸಲಾಗುತ್ತದೆ. ವಿದ್ಯಾರ್ಥಿಗಳು ಸಾಮಾಜಿಕ ಜಾಲತಾಣಗಳಲ್ಲಿ ಹರಿದಾಡುತ್ತಿರುವ ಸುಳ್ಳು ಮಾಹಿತಿಗೆ ಕಿವಿಗೊಡದೇ, ಎನ್‌ಟಿಎ ಅಧಿಕೃತ ಪ್ರಕಟಣೆಗಳನ್ನು ಮಾತ್ರ ನಂಬುವಂತೆ ಅಧಿಕಾರಿಗಳು ಮನವಿ ಮಾಡಿದ್ದಾರೆ. ಮರುಪರೀಕ್ಷೆಯ ದಿನಾಂಕ ಶೀಘ್ರದಲ್ಲೇ ಪ್ರಕಟವಾಗುವ ಸಾಧ್ಯತೆ ಇರುವುದರಿಂದ ವಿದ್ಯಾರ್ಥಿಗಳು ತಮ್ಮ ಸಿದ್ಧತೆಯನ್ನು ಮುಂದುವರಿಸಬೇಕಾಗಿದೆ.
ಜಿಲಿಟಿನ್ ಕಡ್ಡಿ ಪತ್ತೆ ಎನ್‌ಐಎ ತನಿಖೆ
ದೂರ ದೃಷ್ಟಿ ವಾರ್ತಾ ಬೆಂಗಳೂರು, ಮೇ 12 : ಪ್ರಧಾನಿ ನರೇಂದ್ರ ಮೋದಿ ಹೋಗುವ ಮಾರ್ಗದಲ್ಲಿ ಜಿಲೆಟಿನ್ ಕಡ್ಡಿ ಸಿಕ್ಕ ಜಾಗದಲ್ಲಿ ಟೈಮರ್ ಪತ್ತೆ ಸಂಬಂಧ ತನಿಖೆ ನಡೆಸಲಾಗುತ್ತಿದೆ. ಹಾಗೆಯೇ ಈ ಪ್ರಕರಣವನ್ನು ಎನ್‌ಐಎಗೆ ತನಿಖೆಗೆ ವಹಿಸಲಿದ್ದೇವೆ ಎಂದು ಗೃಹ ಸಚಿವ ಜಿ.ಪರಮೇಶ್ವರ್ ತಿಳಿಸಿದರು. ಬೆಂಗಳೂರಿನ ಸದಾಶಿವನಗರ ನಿವಾಸದ ಬಳಿ ಸುದ್ದಿಗಾರರೊಂದಿಗೆ ಮಾತನಾಡಿದ ಅವರು, ಕರೆ ಮಾಡಿ ಬಾಂಬ್ ಬೆದರಿಕೆ ಹಾಕಿದವನನ್ನು ಪೊಲೀಸರು ಬಂಧಿಸಿದ್ದಾರೆ. ಆತನ ತನಿಖೆಯೂ ಆಗುತ್ತಿದೆ. ಹೋಗುವ ದಾರಿಯಲ್ಲಿ ಸಿಕ್ಕ ಜಿಲೆಟಿನ್ ಕಡ್ಡಿ ಸೇರಿದಂತೆ ಎಲ್ಲಾ ಸ್ಫೋಟಕ ವಿಚಾರದ ಬಗ್ಗೆ ಎನ್‌ಐಎ ತನಿಖೆ ಮಾಡಲಾಗುತ್ತದೆ ಎಂದರು. ಎನ್‌ಐಎ ಕೂಡ ತನಿಖೆ ಮಾಡಲು ಮುಂದೆ ಬಂದಿದೆ. ಅದಾಗಲೇ ಎನ್‌ಐಎ ತನಿಖೆ ಮಾಡಲು ಪ್ರಾರಂಭಿಸಿದ್ದಾರೆ. ಪ್ರಧಾನಿ ಬರುವ ಕಾರ್ಯಕ್ರಮಕ್ಕೆ ಉನ್ನತ ಮಟ್ಟದ ಸಭೆ ನಡೆಸಿ ಕ್ರಮಕೈಗೊಳ್ಳಲಾಗಿತ್ತು. ನಾವು ಹಾಗೂ ಕೇಂದ್ರ ಭದ್ರತೆ ಮೇಲುಸ್ತುವಾರಿ ಇರುತ್ತದೆ. ಕಾರ್ಯಕ್ರಮಕ್ಕೆ ಬರುವ ಎರಡು ಗಂಟೆ ಮುಂಚೆ ಅಂದರೆ ಬೆಳಿಗ್ಗೆ 9 ಗಂಟೆಗೆ ಜಿಲೆಟಿನ್ ಕಡ್ಡಿ ಪತ್ತೆ ಹಚ್ಚಿದ್ದಾರೆ. ಇದು ಒಳ್ಳೆಯ ಕೆಲಸ. ಭಯೋತ್ಪಾದನೆಗೆ ಸಂಪರ್ಕ ಇರುವ ಬಗ್ಗೆ ಈಗಲೇ ಹೇಳೋದಕ್ಕೆ ಆಗುವುದಿಲ್ಲ. ತನಿಖೆ ಆಗಲಿ ನೋಡೋಣ ಎಂದು ಪ್ರತಿಕ್ರಿಯೆ ನೀಡಿದರು. ಕಾರ್ಯಕ್ರಮದ ವೇದಿಕೆಯಿಂದ 3 ಕಿ.ಮೀ ದೂರದಲ್ಲಿ ಜಿಲೆಟಿನ್ ಕಡ್ಡಿ ಪತ್ತೆಯಾಗಿದೆ. ಇದು ಭದ್ರತಾ ಲೋಪ ಅಲ್ಲ ಎಂದು ಸಮರ್ಥಿಸಿಕೊಂಡರು. ಕೇಂದ್ರ ಸರ್ಕಾರದ ನಿಲುವಿಗೆ ಸಂಬಂಧಿಸಿದಂತೆ ಪ್ರತಿಕ್ರಿಯೆ ನೀಡಿದ ಅವರು ರಾಜ್ಯದ ಆರ್ಥಿಕ ಪರಿಸ್ಥಿತಿ ಬಗ್ಗೆ ಕಾಂಗ್ರೆಸ್ ಸರ್ಕಾರ ಚರ್ಚೆ ನಡೆಸುತ್ತಿದೆ ಎಂದರು. ಚಿನ್ನದ ಬೆಲೆ ಏರಿಕೆ ಮಾಡಿದರೂ 250 ಮತ ಹೆಚ್ಚು ಬರುತ್ತೆ ಅಂದರೆ ಏನ್ ಅರ್ಥ?. ಕೌಂಟಿಂಗ್ ಸರಿಯಾಗಿಲ್ಲ ಎಂದು ಅರ್ಥ ಅಲ್ವಾ?. ಅಧಿಕಾರಿಗಳ ಮೇಲೆ ಕ್ರಮ ಆಗಬೇಕಲ್ವಾ?. ಈ ಹಿಂದೆ ಕೌಂಟಿಂಗ್ ಮಾಡಿದ್ದ ಸರಿ ಇಲ್ಲ ಎಂದು ಸುಪ್ರೀಂ ಕೋರ್ಟ್‌ಗೆ ತಡೆ ನೀಡಿದೆ. ಬ್ಯಾಂಡ್‌ಬಾರ್ ಆಗೋ ದೂರಿನ ಬಗ್ಗೆ ರಾಜ್ಯ ಪೊಲೀಸರು ತನಿಖೆ ಮಾಡುತ್ತಿದ್ದಾರೆ ಎಂದು ತಿಳಿಸಿದರು. ಜುಲೈ 1ರಿಂದ ವಿಬಿ ಜಿ ರಾಮ್ ಜಿ ಕಾಯ್ದೆ ಅನುಷ್ಠಾನ ವಿಚಾರವಾಗಿ ಮಾತನಾಡಿ ಅವರು, ಕೇಂದ್ರ ಸರ್ಕಾರದ ಮಹತ್ವದ ನರೇಗಾ ಯೋಜನೆಯನ್ನು ಮನಮೋಹನ್ ಸಿಂಗ್ ಜಾರಿಗೆ ತಂದಿದ್ದು, ಗ್ರಾಮೀಣ ಭಾಗದಲ್ಲಿ ಉದ್ಯೋಗ ಇಲ್ಲದವರಿಗೆ ಉದ್ಯೋಗ ಒದಗಿಸುವ ಯೋಜನೆ ಇದು. ಜನರ ಕೆಲಸಕಾರ್ಯ ಮತ್ತು ಅಭಿವೃದ್ಧಿ ಕೆಲಸ ಈ ಯೋಜನೆಯನ್ನು ಬೆಂಬಲಿಸುತ್ತಲೇ ಕೇಂದ್ರ ಸರ್ಕಾರ ಬಂದಿತ್ತು. ಆದರೆ ಈಗ ಬೆಂಬಲಿಸುತ್ತಿಲ್ಲ ಎಂದರು.
